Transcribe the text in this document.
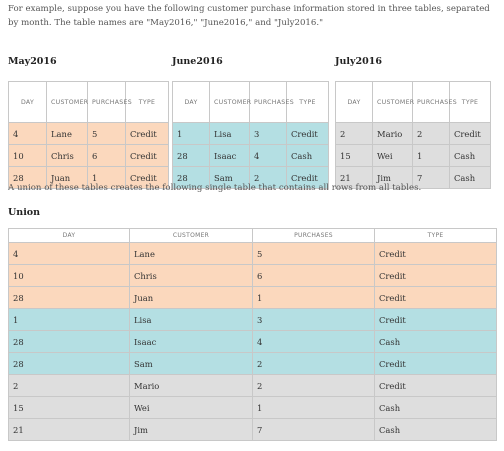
For example, suppose you have the following customer purchase information stored in three tables, separated by month. The table names are "May2016," "June2016," and "July2016."
May2016
DAY	CUSTOMER	PURCHASES	TYPE
4	Lane	5	Credit
10	Chris	6	Credit
28	Juan	1	Credit
June2016
DAY	CUSTOMER	PURCHASES	TYPE
1	Lisa	3	Credit
28	Isaac	4	Cash
28	Sam	2	Credit
July2016
DAY	CUSTOMER	PURCHASES	TYPE
2	Mario	2	Credit
15	Wei	1	Cash
21	Jim	7	Cash
A union of these tables creates the following single table that contains all rows from all tables.
Union
DAY	CUSTOMER	PURCHASES	TYPE
4	Lane	5	Credit
10	Chris	6	Credit
28	Juan	1	Credit
1	Lisa	3	Credit
28	Isaac	4	Cash
28	Sam	2	Credit
2	Mario	2	Credit
15	Wei	1	Cash
21	Jim	7	Cash
